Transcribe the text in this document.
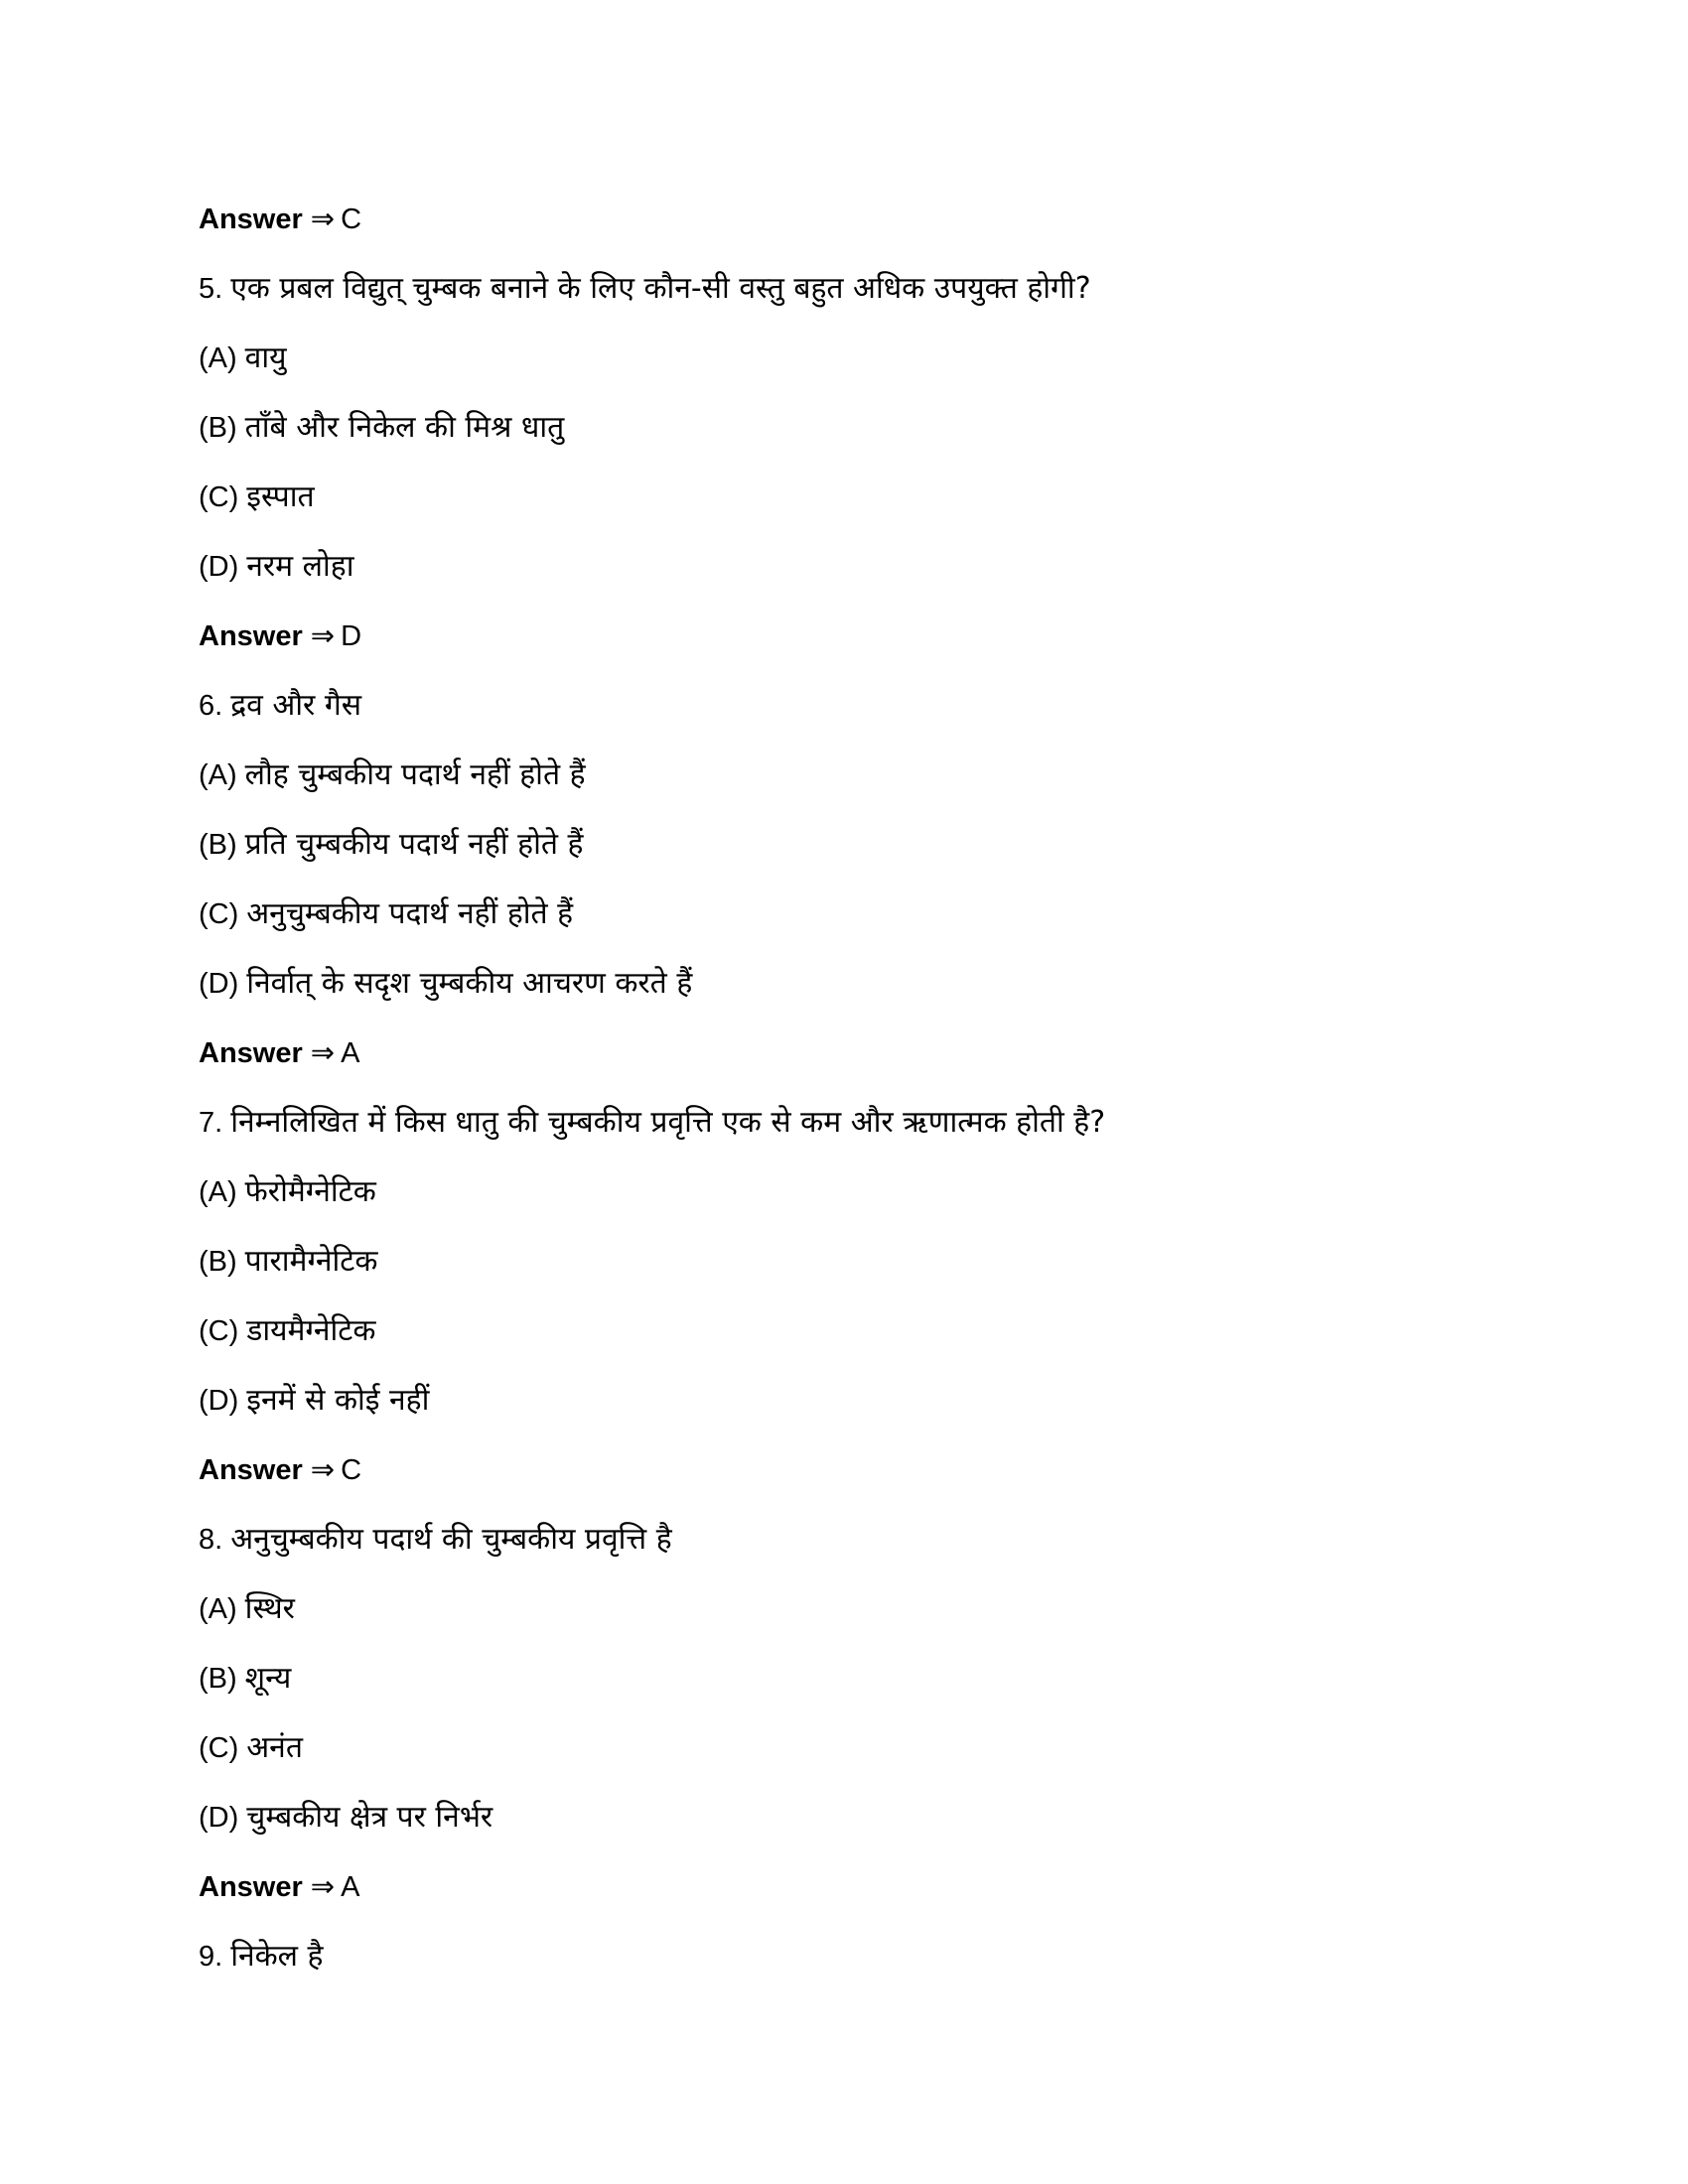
Answer ⇒ C
5. एक प्रबल विद्युत् चुम्बक बनाने के लिए कौन-सी वस्तु बहुत अधिक उपयुक्त होगी?
(A) वायु
(B) ताँबे और निकेल की मिश्र धातु
(C) इस्पात
(D) नरम लोहा
Answer ⇒ D
6. द्रव और गैस
(A) लौह चुम्बकीय पदार्थ नहीं होते हैं
(B) प्रति चुम्बकीय पदार्थ नहीं होते हैं
(C) अनुचुम्बकीय पदार्थ नहीं होते हैं
(D) निर्वात् के सदृश चुम्बकीय आचरण करते हैं
Answer ⇒ A
7. निम्नलिखित में किस धातु की चुम्बकीय प्रवृत्ति एक से कम और ऋणात्मक होती है?
(A) फेरोमैग्नेटिक
(B) पारामैग्नेटिक
(C) डायमैग्नेटिक
(D) इनमें से कोई नहीं
Answer ⇒ C
8. अनुचुम्बकीय पदार्थ की चुम्बकीय प्रवृत्ति है
(A) स्थिर
(B) शून्य
(C) अनंत
(D) चुम्बकीय क्षेत्र पर निर्भर
Answer ⇒ A
9. निकेल है
